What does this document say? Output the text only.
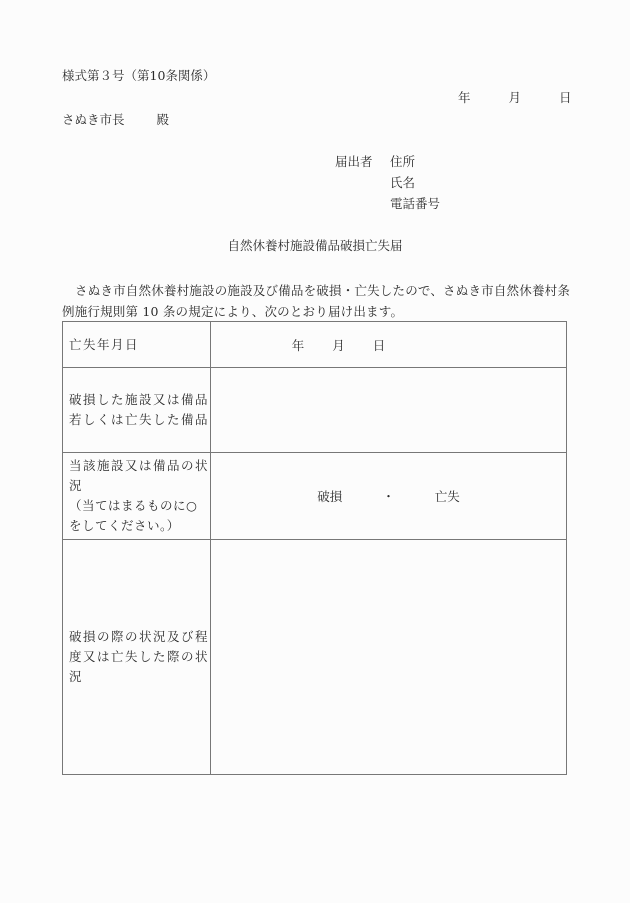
様式第３号（第10条関係）
年	月	日
さぬき市長	殿
届出者	住所
氏名
電話番号
自然休養村施設備品破損亡失届
さぬき市自然休養村施設の施設及び備品を破損・亡失したので、さぬき市自然休養村条例施行規則第 10 条の規定により、次のとおり届け出ます。
亡失年月日	年 月 日

破損した施設又は備品若しくは亡失した備品	

当該施設又は備品の状況
（当てはまるものに○をしてください。）	破損 ・ 亡失

破損の際の状況及び程度又は亡失した際の状況	
